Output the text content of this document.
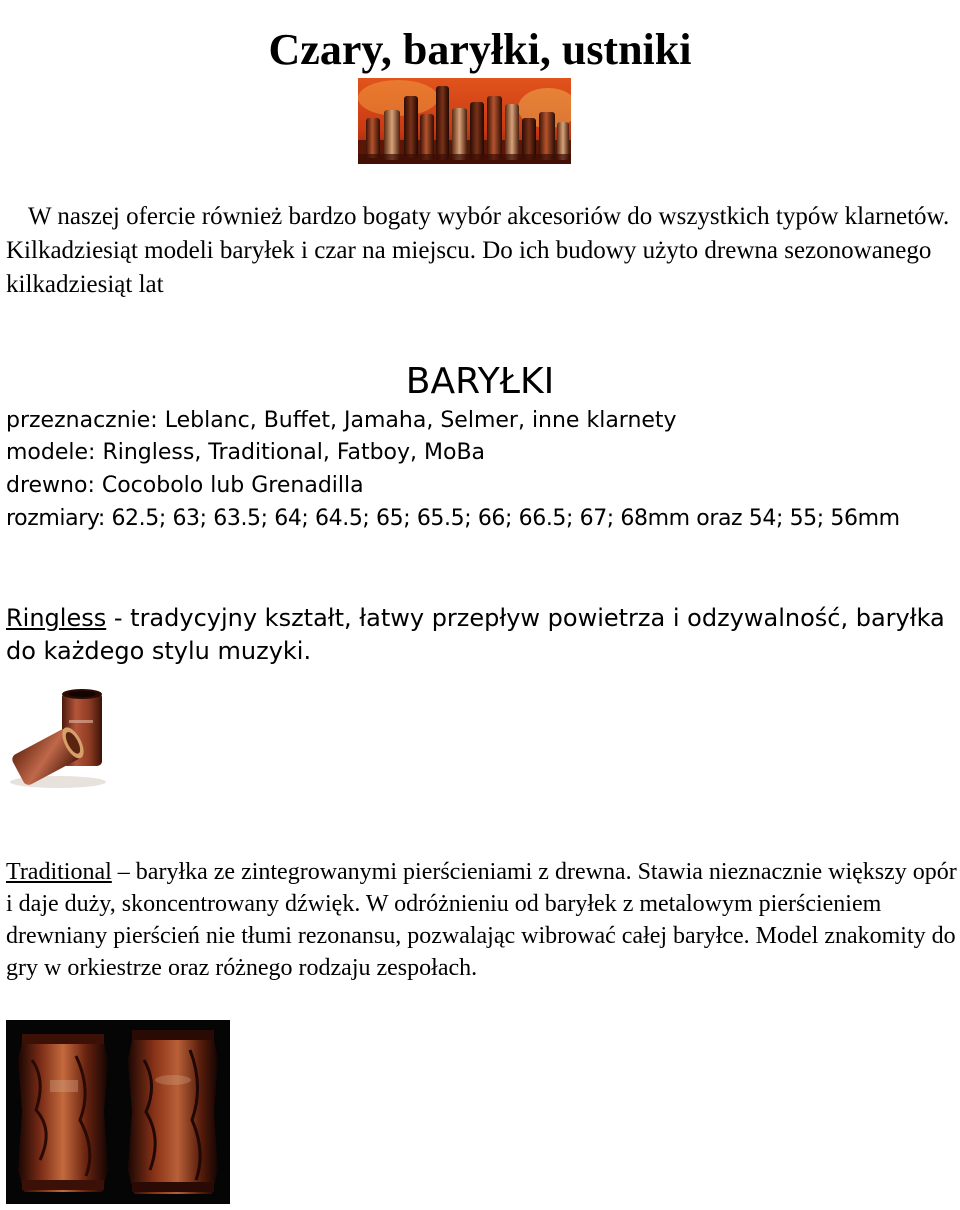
Czary, baryłki, ustniki

W naszej ofercie również bardzo bogaty wybór akcesoriów do wszystkich typów klarnetów. Kilkadziesiąt modeli baryłek i czar na miejscu. Do ich budowy użyto drewna sezonowanego kilkadziesiąt lat

BARYŁKI
przeznacznie: Leblanc, Buffet, Jamaha, Selmer, inne klarnety
modele: Ringless, Traditional, Fatboy, MoBa
drewno: Cocobolo lub Grenadilla
rozmiary: 62.5; 63; 63.5; 64; 64.5; 65; 65.5; 66; 66.5; 67; 68mm oraz 54; 55; 56mm

Ringless - tradycyjny kształt, łatwy przepływ powietrza i odzywalność, baryłka do każdego stylu muzyki.

Traditional – baryłka ze zintegrowanymi pierścieniami z drewna. Stawia nieznacznie większy opór i daje duży, skoncentrowany dźwięk. W odróżnieniu od baryłek z metalowym pierścieniem drewniany pierścień nie tłumi rezonansu, pozwalając wibrować całej baryłce. Model znakomity do gry w orkiestrze oraz różnego rodzaju zespołach.
